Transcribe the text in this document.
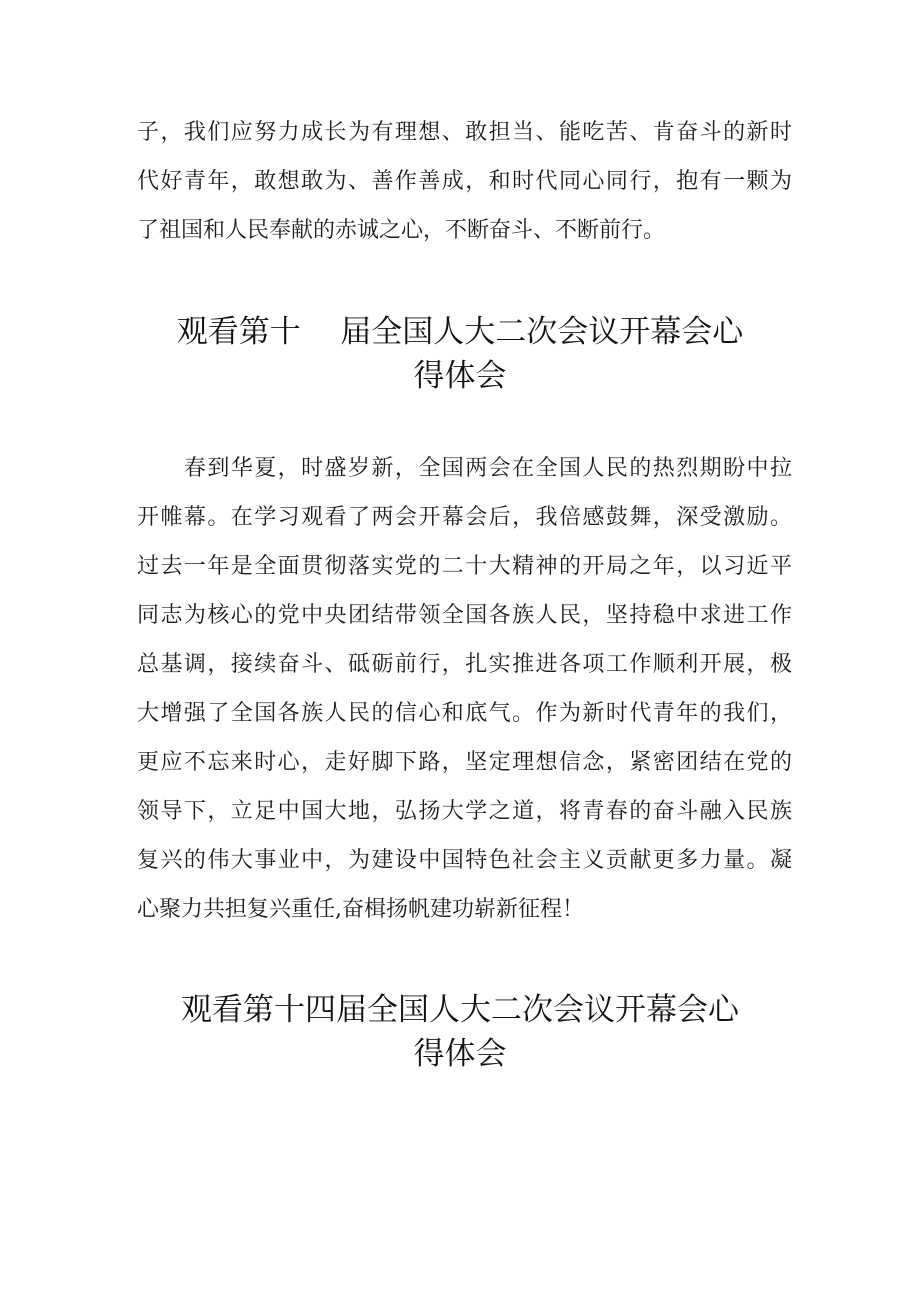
子，我们应努力成长为有理想、敢担当、能吃苦、肯奋斗的新时
代好青年，敢想敢为、善作善成，和时代同心同行，抱有一颗为
了祖国和人民奉献的赤诚之心，不断奋斗、不断前行。
观看第十    届全国人大二次会议开幕会心
得体会
　　春到华夏，时盛岁新，全国两会在全国人民的热烈期盼中拉
开帷幕。在学习观看了两会开幕会后，我倍感鼓舞，深受激励。
过去一年是全面贯彻落实党的二十大精神的开局之年，以习近平
同志为核心的党中央团结带领全国各族人民，坚持稳中求进工作
总基调，接续奋斗、砥砺前行，扎实推进各项工作顺利开展，极
大增强了全国各族人民的信心和底气。作为新时代青年的我们，
更应不忘来时心，走好脚下路，坚定理想信念，紧密团结在党的
领导下，立足中国大地，弘扬大学之道，将青春的奋斗融入民族
复兴的伟大事业中，为建设中国特色社会主义贡献更多力量。凝
心聚力共担复兴重任,奋楫扬帆建功崭新征程！
观看第十四届全国人大二次会议开幕会心
得体会
